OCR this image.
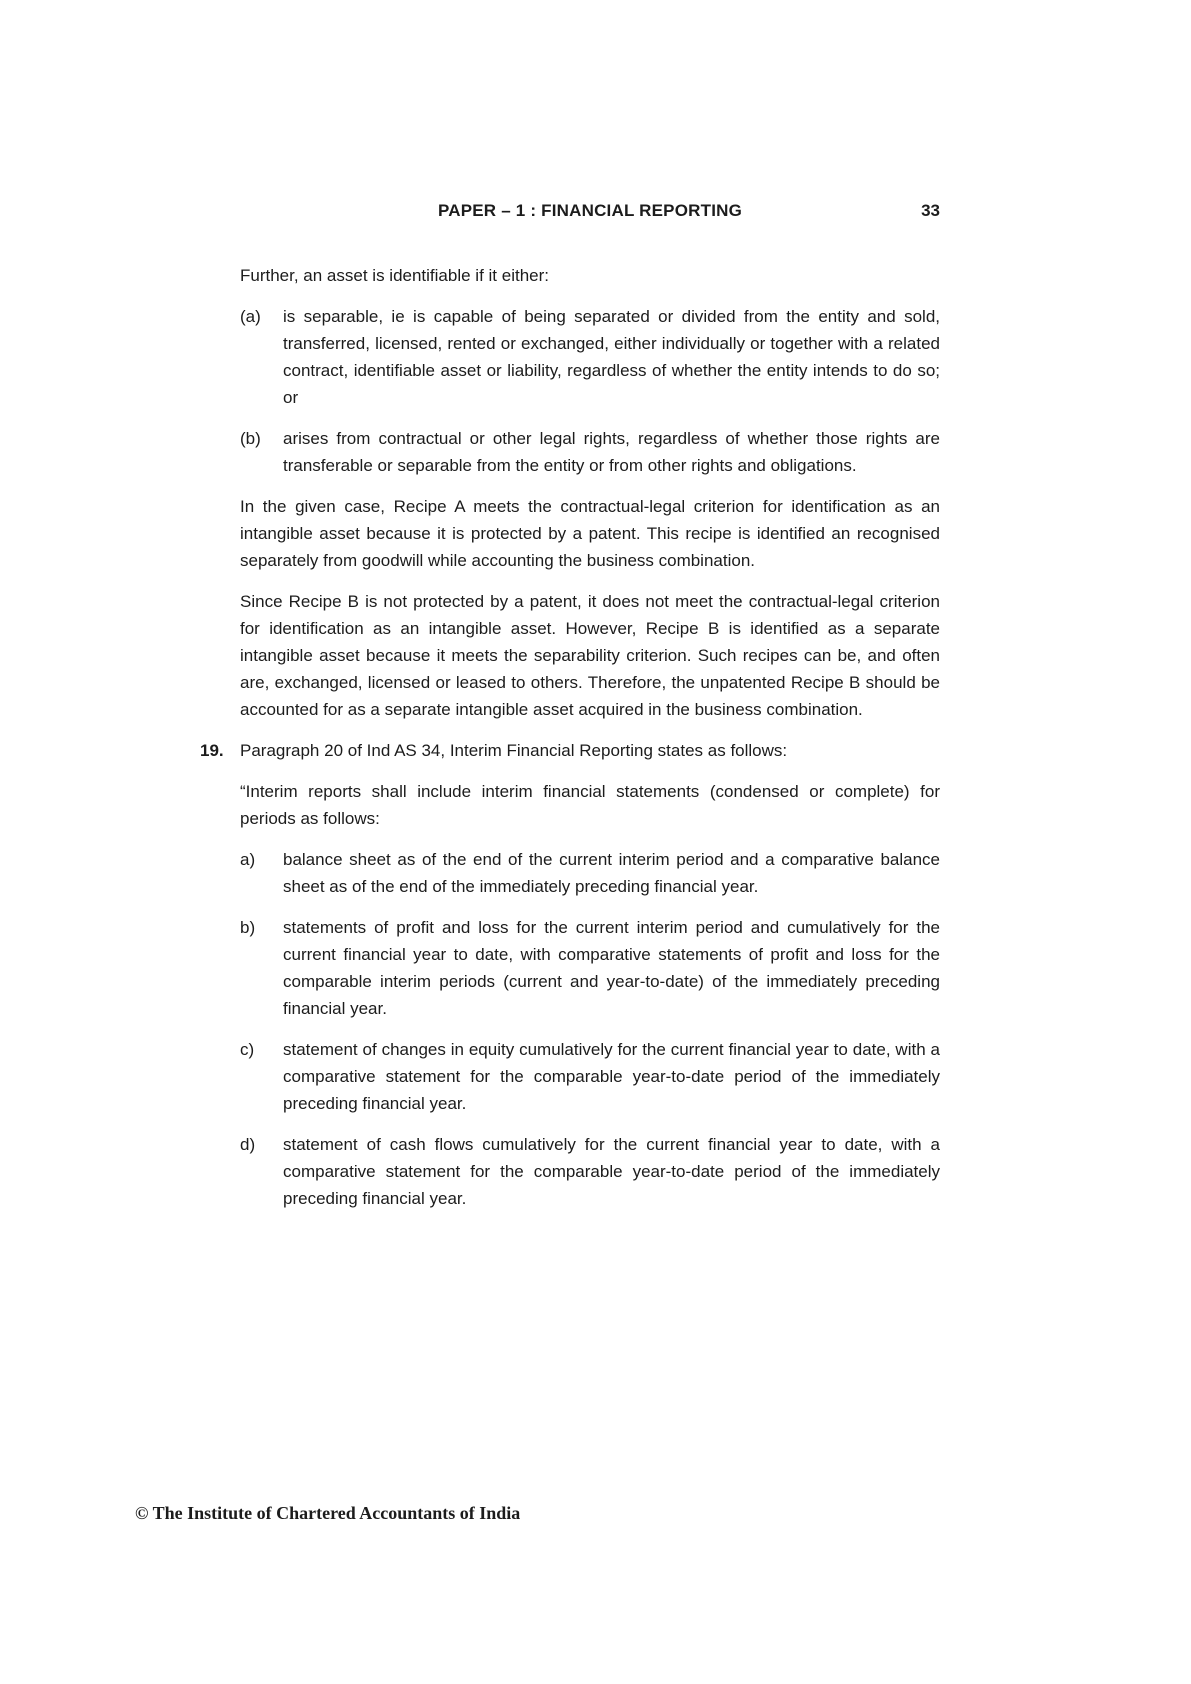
PAPER – 1 : FINANCIAL REPORTING	33

Further, an asset is identifiable if it either:

(a)	is separable, ie is capable of being separated or divided from the entity and sold, transferred, licensed, rented or exchanged, either individually or together with a related contract, identifiable asset or liability, regardless of whether the entity intends to do so; or
(b)	arises from contractual or other legal rights, regardless of whether those rights are transferable or separable from the entity or from other rights and obligations.

In the given case, Recipe A meets the contractual-legal criterion for identification as an intangible asset because it is protected by a patent. This recipe is identified an recognised separately from goodwill while accounting the business combination.

Since Recipe B is not protected by a patent, it does not meet the contractual-legal criterion for identification as an intangible asset. However, Recipe B is identified as a separate intangible asset because it meets the separability criterion. Such recipes can be, and often are, exchanged, licensed or leased to others. Therefore, the unpatented Recipe B should be accounted for as a separate intangible asset acquired in the business combination.

19. Paragraph 20 of Ind AS 34, Interim Financial Reporting states as follows:

“Interim reports shall include interim financial statements (condensed or complete) for periods as follows:

a)	balance sheet as of the end of the current interim period and a comparative balance sheet as of the end of the immediately preceding financial year.
b)	statements of profit and loss for the current interim period and cumulatively for the current financial year to date, with comparative statements of profit and loss for the comparable interim periods (current and year-to-date) of the immediately preceding financial year.
c)	statement of changes in equity cumulatively for the current financial year to date, with a comparative statement for the comparable year-to-date period of the immediately preceding financial year.
d)	statement of cash flows cumulatively for the current financial year to date, with a comparative statement for the comparable year-to-date period of the immediately preceding financial year.
© The Institute of Chartered Accountants of India
